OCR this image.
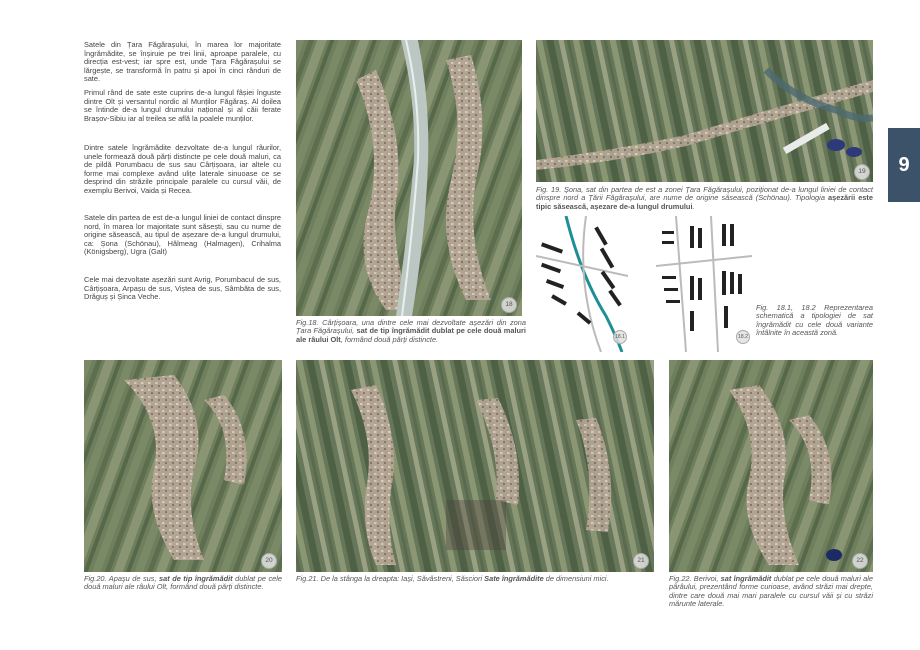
Satele din Țara Făgărașului, în marea lor majoritate îngrămădite, se înșiruie pe trei linii, aproape paralele, cu direcția est-vest; iar spre est, unde Țara Făgărașului se lărgește, se transformă în patru și apoi în cinci rânduri de sate.

Primul rând de sate este cuprins de-a lungul fâșiei înguste dintre Olt și versantul nordic al Munților Făgăraș. Al doilea se întinde de-a lungul drumului național și al căii ferate Brașov-Sibiu iar al treilea se află la poalele munților.

Dintre satele îngrămădite dezvoltate de-a lungul râurilor, unele formează două părți distincte pe cele două maluri, ca de pildă Porumbacu de sus sau Cârțișoara, iar altele cu forme mai complexe având ulițe laterale sinuoase ce se desprind din străzile principale paralele cu cursul văii, de exemplu Berivoi, Vaida și Recea.

Satele din partea de est de-a lungul liniei de contact dinspre nord, în marea lor majoritate sunt săsești, sau cu nume de origine săsească, au tipul de așezare de-a lungul drumului, ca: Șona (Schönau), Hălmeag (Halmagen), Crihalma (Königsberg), Ugra (Galt)

Cele mai dezvoltate așezări sunt Avrig, Porumbacul de sus, Cârțișoara, Arpașu de sus, Viștea de sus, Sâmbăta de sus, Drăguș și Șinca Veche.

18

Fig.18. Cârțișoara, una dintre cele mai dezvoltate așezări din zona Țara Făgărașului, sat de tip îngrămădit dublat pe cele două maluri ale râului Olt, formând două părți distincte.

19

Fig. 19. Șona, sat din partea de est a zonei Țara Făgărașului, poziționat de-a lungul liniei de contact dinspre nord a Țării Făgărașului, are nume de origine săsească (Schönau). Tipologia așezării este tipic săsească, așezare de-a lungul drumului.

18.1	18.2

Fig. 18.1, 18.2 Reprezentarea schematică a tipologiei de sat îngrămădit cu cele două variante întâlnite în această zonă.

9
20

Fig.20. Apașu de sus, sat de tip îngrămădit dublat pe cele două maluri ale râului Olt, formând două părți distincte.

21

Fig.21. De la stânga la dreapta: Iași, Săvăstreni, Săsciori Sate îngrămădite de dimensiuni mici.

22

Fig.22. Berivoi, sat îngrămădit dublat pe cele două maluri ale pârâului, prezentând forme curioase, având străzi mai drepte, dintre care două mai mari paralele cu cursul văii și cu străzi mărunte laterale.
